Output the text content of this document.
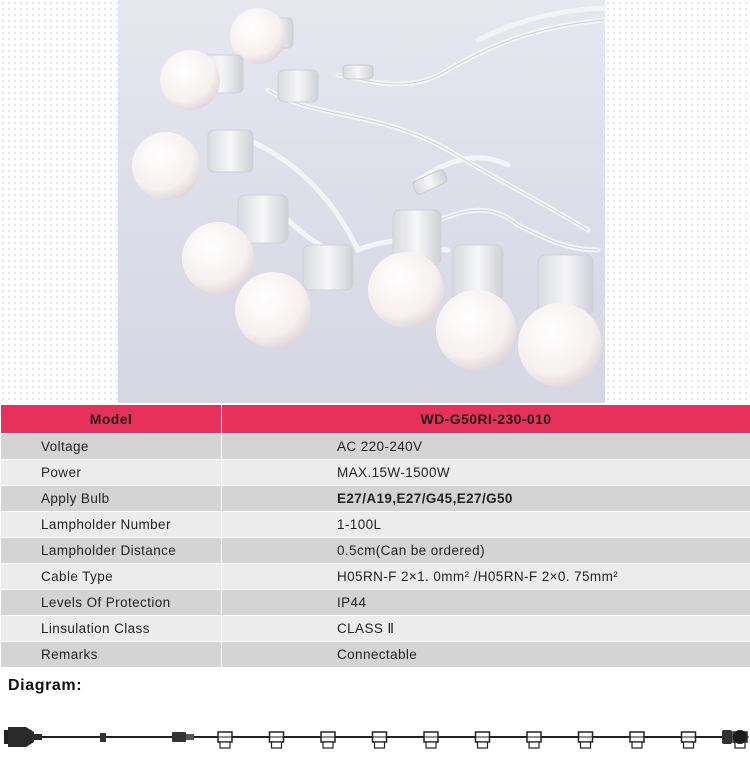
Model	WD-G50RI-230-010
Voltage	AC 220-240V
Power	MAX.15W-1500W
Apply Bulb	E27/A19,E27/G45,E27/G50
Lampholder Number	1-100L
Lampholder Distance	0.5cm(Can be ordered)
Cable Type	H05RN-F 2×1. 0mm² /H05RN-F 2×0. 75mm²
Levels Of Protection	IP44
Linsulation Class	CLASS Ⅱ
Remarks	Connectable
Diagram:
